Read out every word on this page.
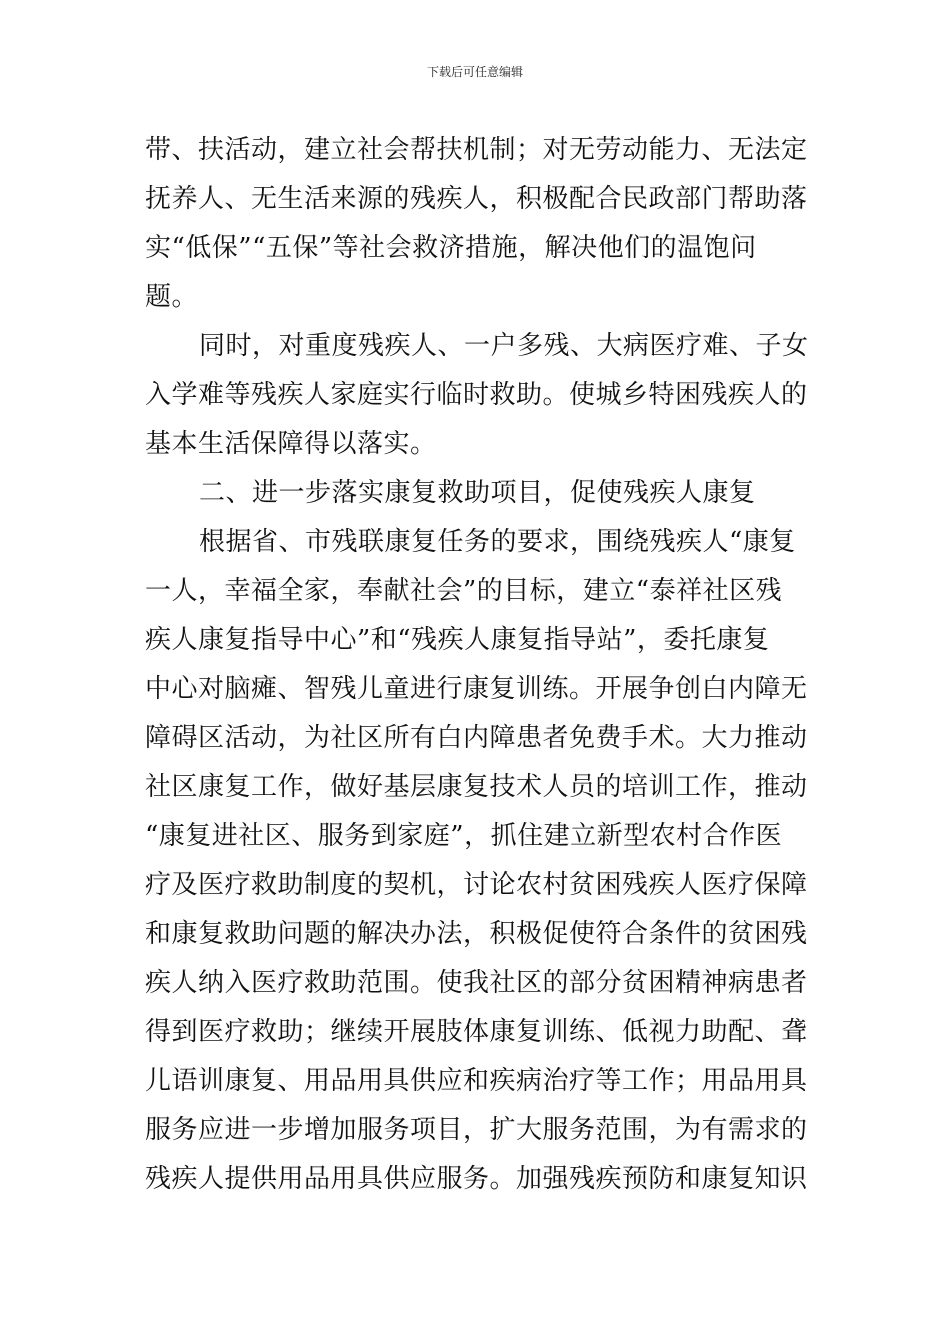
下载后可任意编辑
带、扶活动，建立社会帮扶机制；对无劳动能力、无法定
抚养人、无生活来源的残疾人，积极配合民政部门帮助落
实“低保”“五保”等社会救济措施，解决他们的温饱问
题。
同时，对重度残疾人、一户多残、大病医疗难、子女
入学难等残疾人家庭实行临时救助。使城乡特困残疾人的
基本生活保障得以落实。
二、进一步落实康复救助项目，促使残疾人康复
根据省、市残联康复任务的要求，围绕残疾人“康复
一人，幸福全家，奉献社会”的目标，建立“泰祥社区残
疾人康复指导中心”和“残疾人康复指导站”，委托康复
中心对脑瘫、智残儿童进行康复训练。开展争创白内障无
障碍区活动，为社区所有白内障患者免费手术。大力推动
社区康复工作，做好基层康复技术人员的培训工作，推动
“康复进社区、服务到家庭”，抓住建立新型农村合作医
疗及医疗救助制度的契机，讨论农村贫困残疾人医疗保障
和康复救助问题的解决办法，积极促使符合条件的贫困残
疾人纳入医疗救助范围。使我社区的部分贫困精神病患者
得到医疗救助；继续开展肢体康复训练、低视力助配、聋
儿语训康复、用品用具供应和疾病治疗等工作；用品用具
服务应进一步增加服务项目，扩大服务范围，为有需求的
残疾人提供用品用具供应服务。加强残疾预防和康复知识
